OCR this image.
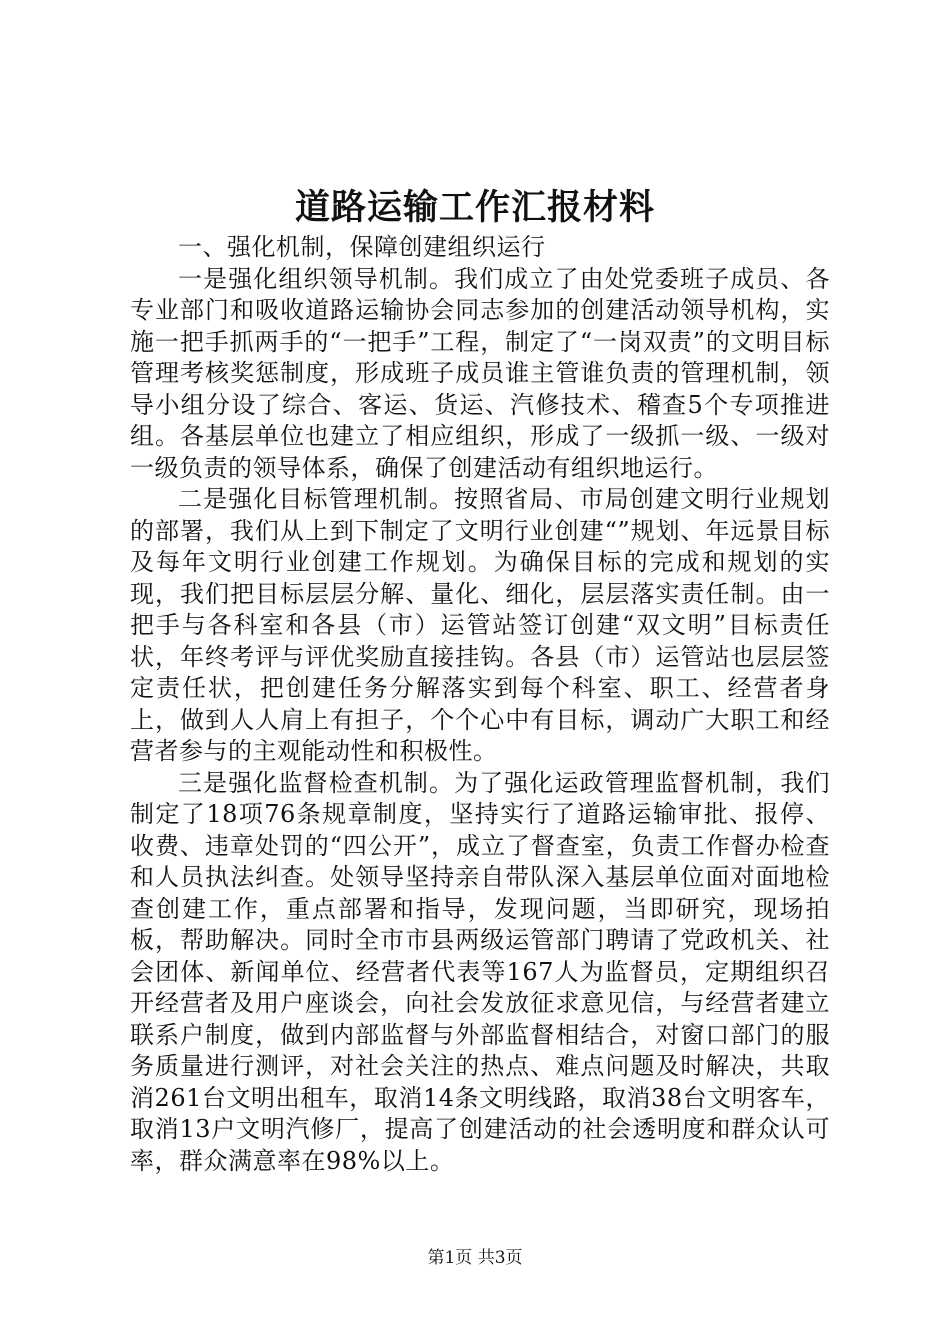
道路运输工作汇报材料

一、强化机制，保障创建组织运行

一是强化组织领导机制。我们成立了由处党委班子成员、各专业部门和吸收道路运输协会同志参加的创建活动领导机构，实施一把手抓两手的“一把手”工程，制定了“一岗双责”的文明目标管理考核奖惩制度，形成班子成员谁主管谁负责的管理机制，领导小组分设了综合、客运、货运、汽修技术、稽查5个专项推进组。各基层单位也建立了相应组织，形成了一级抓一级、一级对一级负责的领导体系，确保了创建活动有组织地运行。

二是强化目标管理机制。按照省局、市局创建文明行业规划的部署，我们从上到下制定了文明行业创建“”规划、年远景目标及每年文明行业创建工作规划。为确保目标的完成和规划的实现，我们把目标层层分解、量化、细化，层层落实责任制。由一把手与各科室和各县（市）运管站签订创建“双文明”目标责任状，年终考评与评优奖励直接挂钩。各县（市）运管站也层层签定责任状，把创建任务分解落实到每个科室、职工、经营者身上，做到人人肩上有担子，个个心中有目标，调动广大职工和经营者参与的主观能动性和积极性。

三是强化监督检查机制。为了强化运政管理监督机制，我们制定了18项76条规章制度，坚持实行了道路运输审批、报停、收费、违章处罚的“四公开”，成立了督查室，负责工作督办检查和人员执法纠查。处领导坚持亲自带队深入基层单位面对面地检查创建工作，重点部署和指导，发现问题，当即研究，现场拍板，帮助解决。同时全市市县两级运管部门聘请了党政机关、社会团体、新闻单位、经营者代表等167人为监督员，定期组织召开经营者及用户座谈会，向社会发放征求意见信，与经营者建立联系户制度，做到内部监督与外部监督相结合，对窗口部门的服务质量进行测评，对社会关注的热点、难点问题及时解决，共取消261台文明出租车，取消14条文明线路，取消38台文明客车，取消13户文明汽修厂，提高了创建活动的社会透明度和群众认可率，群众满意率在98%以上。

第1页 共3页
